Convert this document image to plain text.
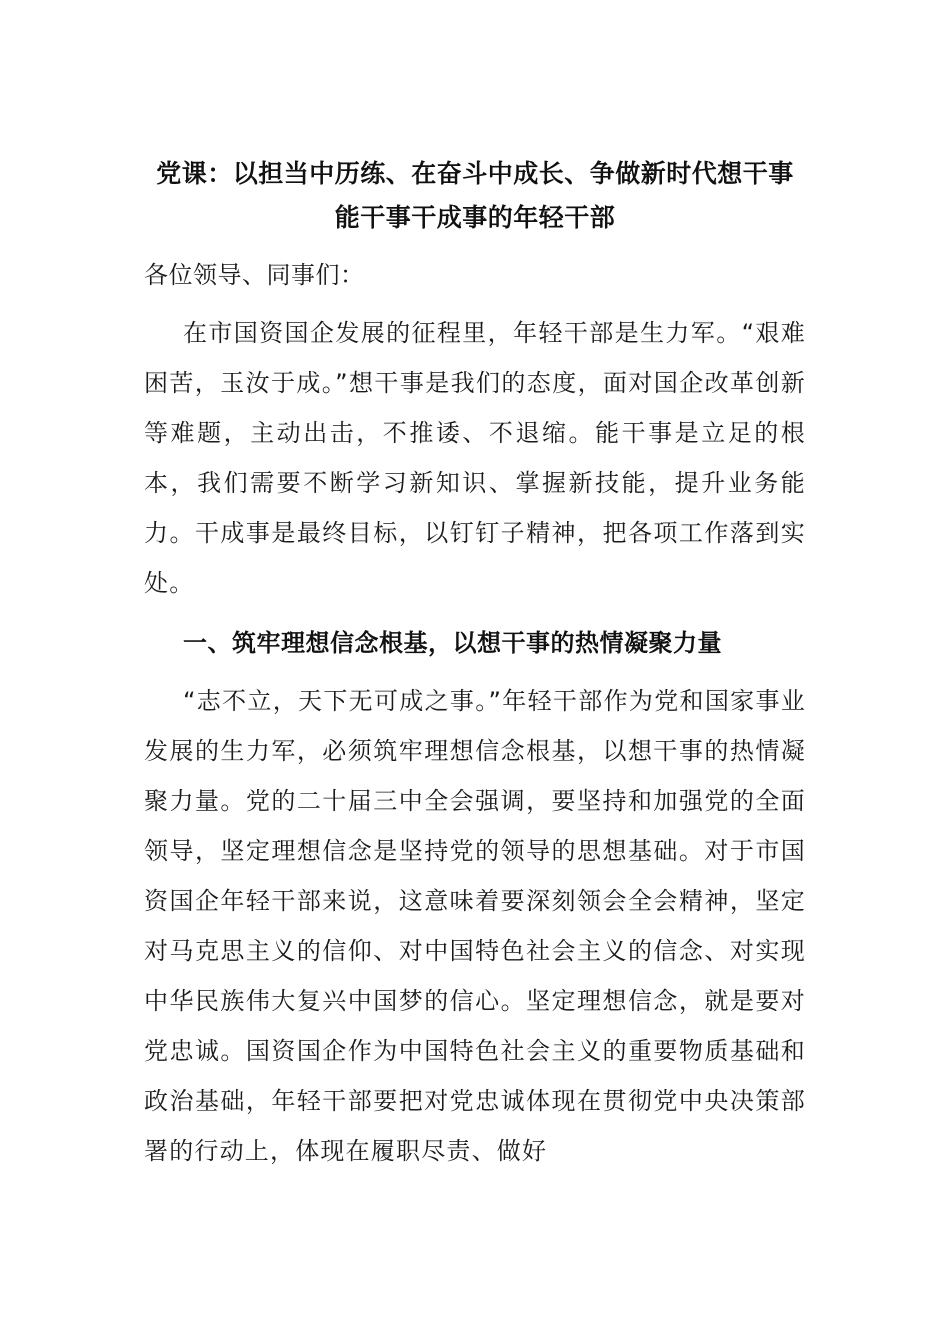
党课：以担当中历练、在奋斗中成长、争做新时代想干事
能干事干成事的年轻干部

各位领导、同事们：

在市国资国企发展的征程里，年轻干部是生力军。“艰难困苦，玉汝于成。”想干事是我们的态度，面对国企改革创新等难题，主动出击，不推诿、不退缩。能干事是立足的根本，我们需要不断学习新知识、掌握新技能，提升业务能力。干成事是最终目标，以钉钉子精神，把各项工作落到实处。

一、筑牢理想信念根基，以想干事的热情凝聚力量

“志不立，天下无可成之事。”年轻干部作为党和国家事业发展的生力军，必须筑牢理想信念根基，以想干事的热情凝聚力量。党的二十届三中全会强调，要坚持和加强党的全面领导，坚定理想信念是坚持党的领导的思想基础。对于市国资国企年轻干部来说，这意味着要深刻领会全会精神，坚定对马克思主义的信仰、对中国特色社会主义的信念、对实现中华民族伟大复兴中国梦的信心。坚定理想信念，就是要对党忠诚。国资国企作为中国特色社会主义的重要物质基础和政治基础，年轻干部要把对党忠诚体现在贯彻党中央决策部署的行动上，体现在履职尽责、做好
